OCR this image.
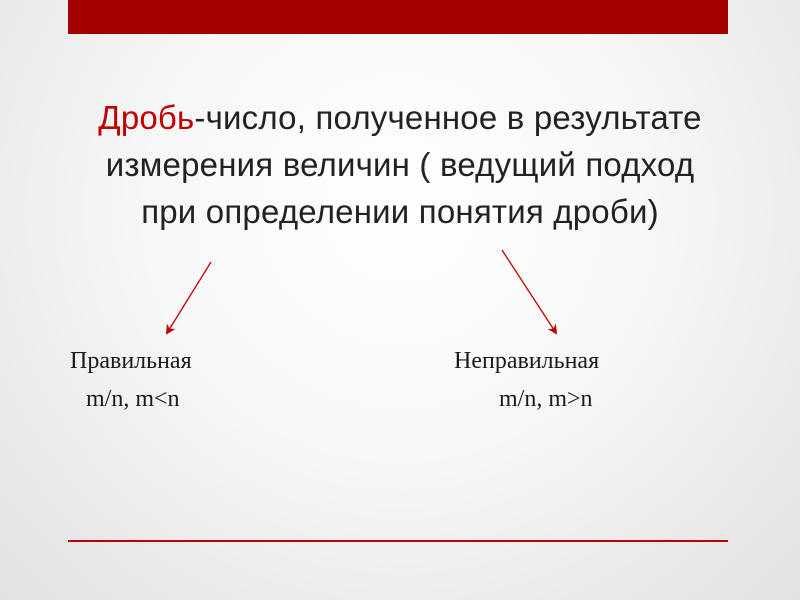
Дробь-число, полученное в результате
измерения величин ( ведущий подход
при определении понятия дроби)
Правильная
m/n, m<n
Неправильная
m/n, m>n
